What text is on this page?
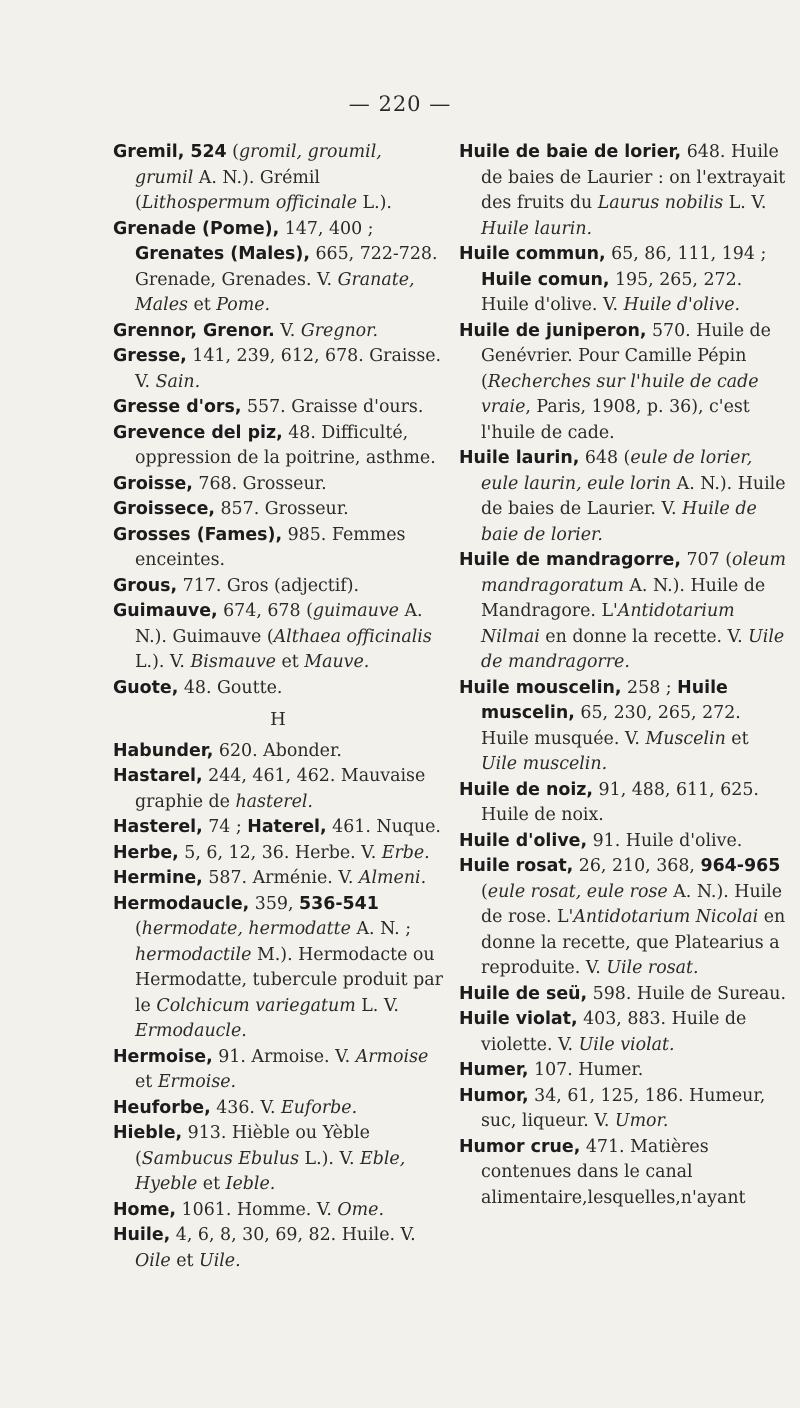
— 220 —

Gremil, 524 (gromil, groumil, grumil A. N.). Grémil (Lithospermum officinale L.).

Grenade (Pome), 147, 400 ; Grenates (Males), 665, 722-728. Grenade, Grenades. V. Granate, Males et Pome.

Grennor, Grenor. V. Gregnor.

Gresse, 141, 239, 612, 678. Graisse. V. Sain.

Gresse d'ors, 557. Graisse d'ours.

Grevence del piz, 48. Difficulté, oppression de la poitrine, asthme.

Groisse, 768. Grosseur.

Groissece, 857. Grosseur.

Grosses (Fames), 985. Femmes enceintes.

Grous, 717. Gros (adjectif).

Guimauve, 674, 678 (guimauve A. N.). Guimauve (Althaea officinalis L.). V. Bismauve et Mauve.

Guote, 48. Goutte.

H

Habunder, 620. Abonder.

Hastarel, 244, 461, 462. Mauvaise graphie de hasterel.

Hasterel, 74 ; Haterel, 461. Nuque.

Herbe, 5, 6, 12, 36. Herbe. V. Erbe.

Hermine, 587. Arménie. V. Almeni.

Hermodaucle, 359, 536-541 (hermodate, hermodatte A. N. ; hermodactile M.). Hermodacte ou Hermodatte, tubercule produit par le Colchicum variegatum L. V. Ermodaucle.

Hermoise, 91. Armoise. V. Armoise et Ermoise.

Heuforbe, 436. V. Euforbe.

Hieble, 913. Hièble ou Yèble (Sambucus Ebulus L.). V. Eble, Hyeble et Ieble.

Home, 1061. Homme. V. Ome.

Huile, 4, 6, 8, 30, 69, 82. Huile. V. Oile et Uile.

Huile de baie de lorier, 648. Huile de baies de Laurier : on l'extrayait des fruits du Laurus nobilis L. V. Huile laurin.

Huile commun, 65, 86, 111, 194 ; Huile comun, 195, 265, 272. Huile d'olive. V. Huile d'olive.

Huile de juniperon, 570. Huile de Genévrier. Pour Camille Pépin (Recherches sur l'huile de cade vraie, Paris, 1908, p. 36), c'est l'huile de cade.

Huile laurin, 648 (eule de lorier, eule laurin, eule lorin A. N.). Huile de baies de Laurier. V. Huile de baie de lorier.

Huile de mandragorre, 707 (oleum mandragoratum A. N.). Huile de Mandragore. L'Antidotarium Nilmai en donne la recette. V. Uile de mandragorre.

Huile mouscelin, 258 ; Huile muscelin, 65, 230, 265, 272. Huile musquée. V. Muscelin et Uile muscelin.

Huile de noiz, 91, 488, 611, 625. Huile de noix.

Huile d'olive, 91. Huile d'olive.

Huile rosat, 26, 210, 368, 964-965 (eule rosat, eule rose A. N.). Huile de rose. L'Antidotarium Nicolai en donne la recette, que Platearius a reproduite. V. Uile rosat.

Huile de seü, 598. Huile de Sureau.

Huile violat, 403, 883. Huile de violette. V. Uile violat.

Humer, 107. Humer.

Humor, 34, 61, 125, 186. Humeur, suc, liqueur. V. Umor.

Humor crue, 471. Matières contenues dans le canal alimentaire,lesquelles,n'ayant
